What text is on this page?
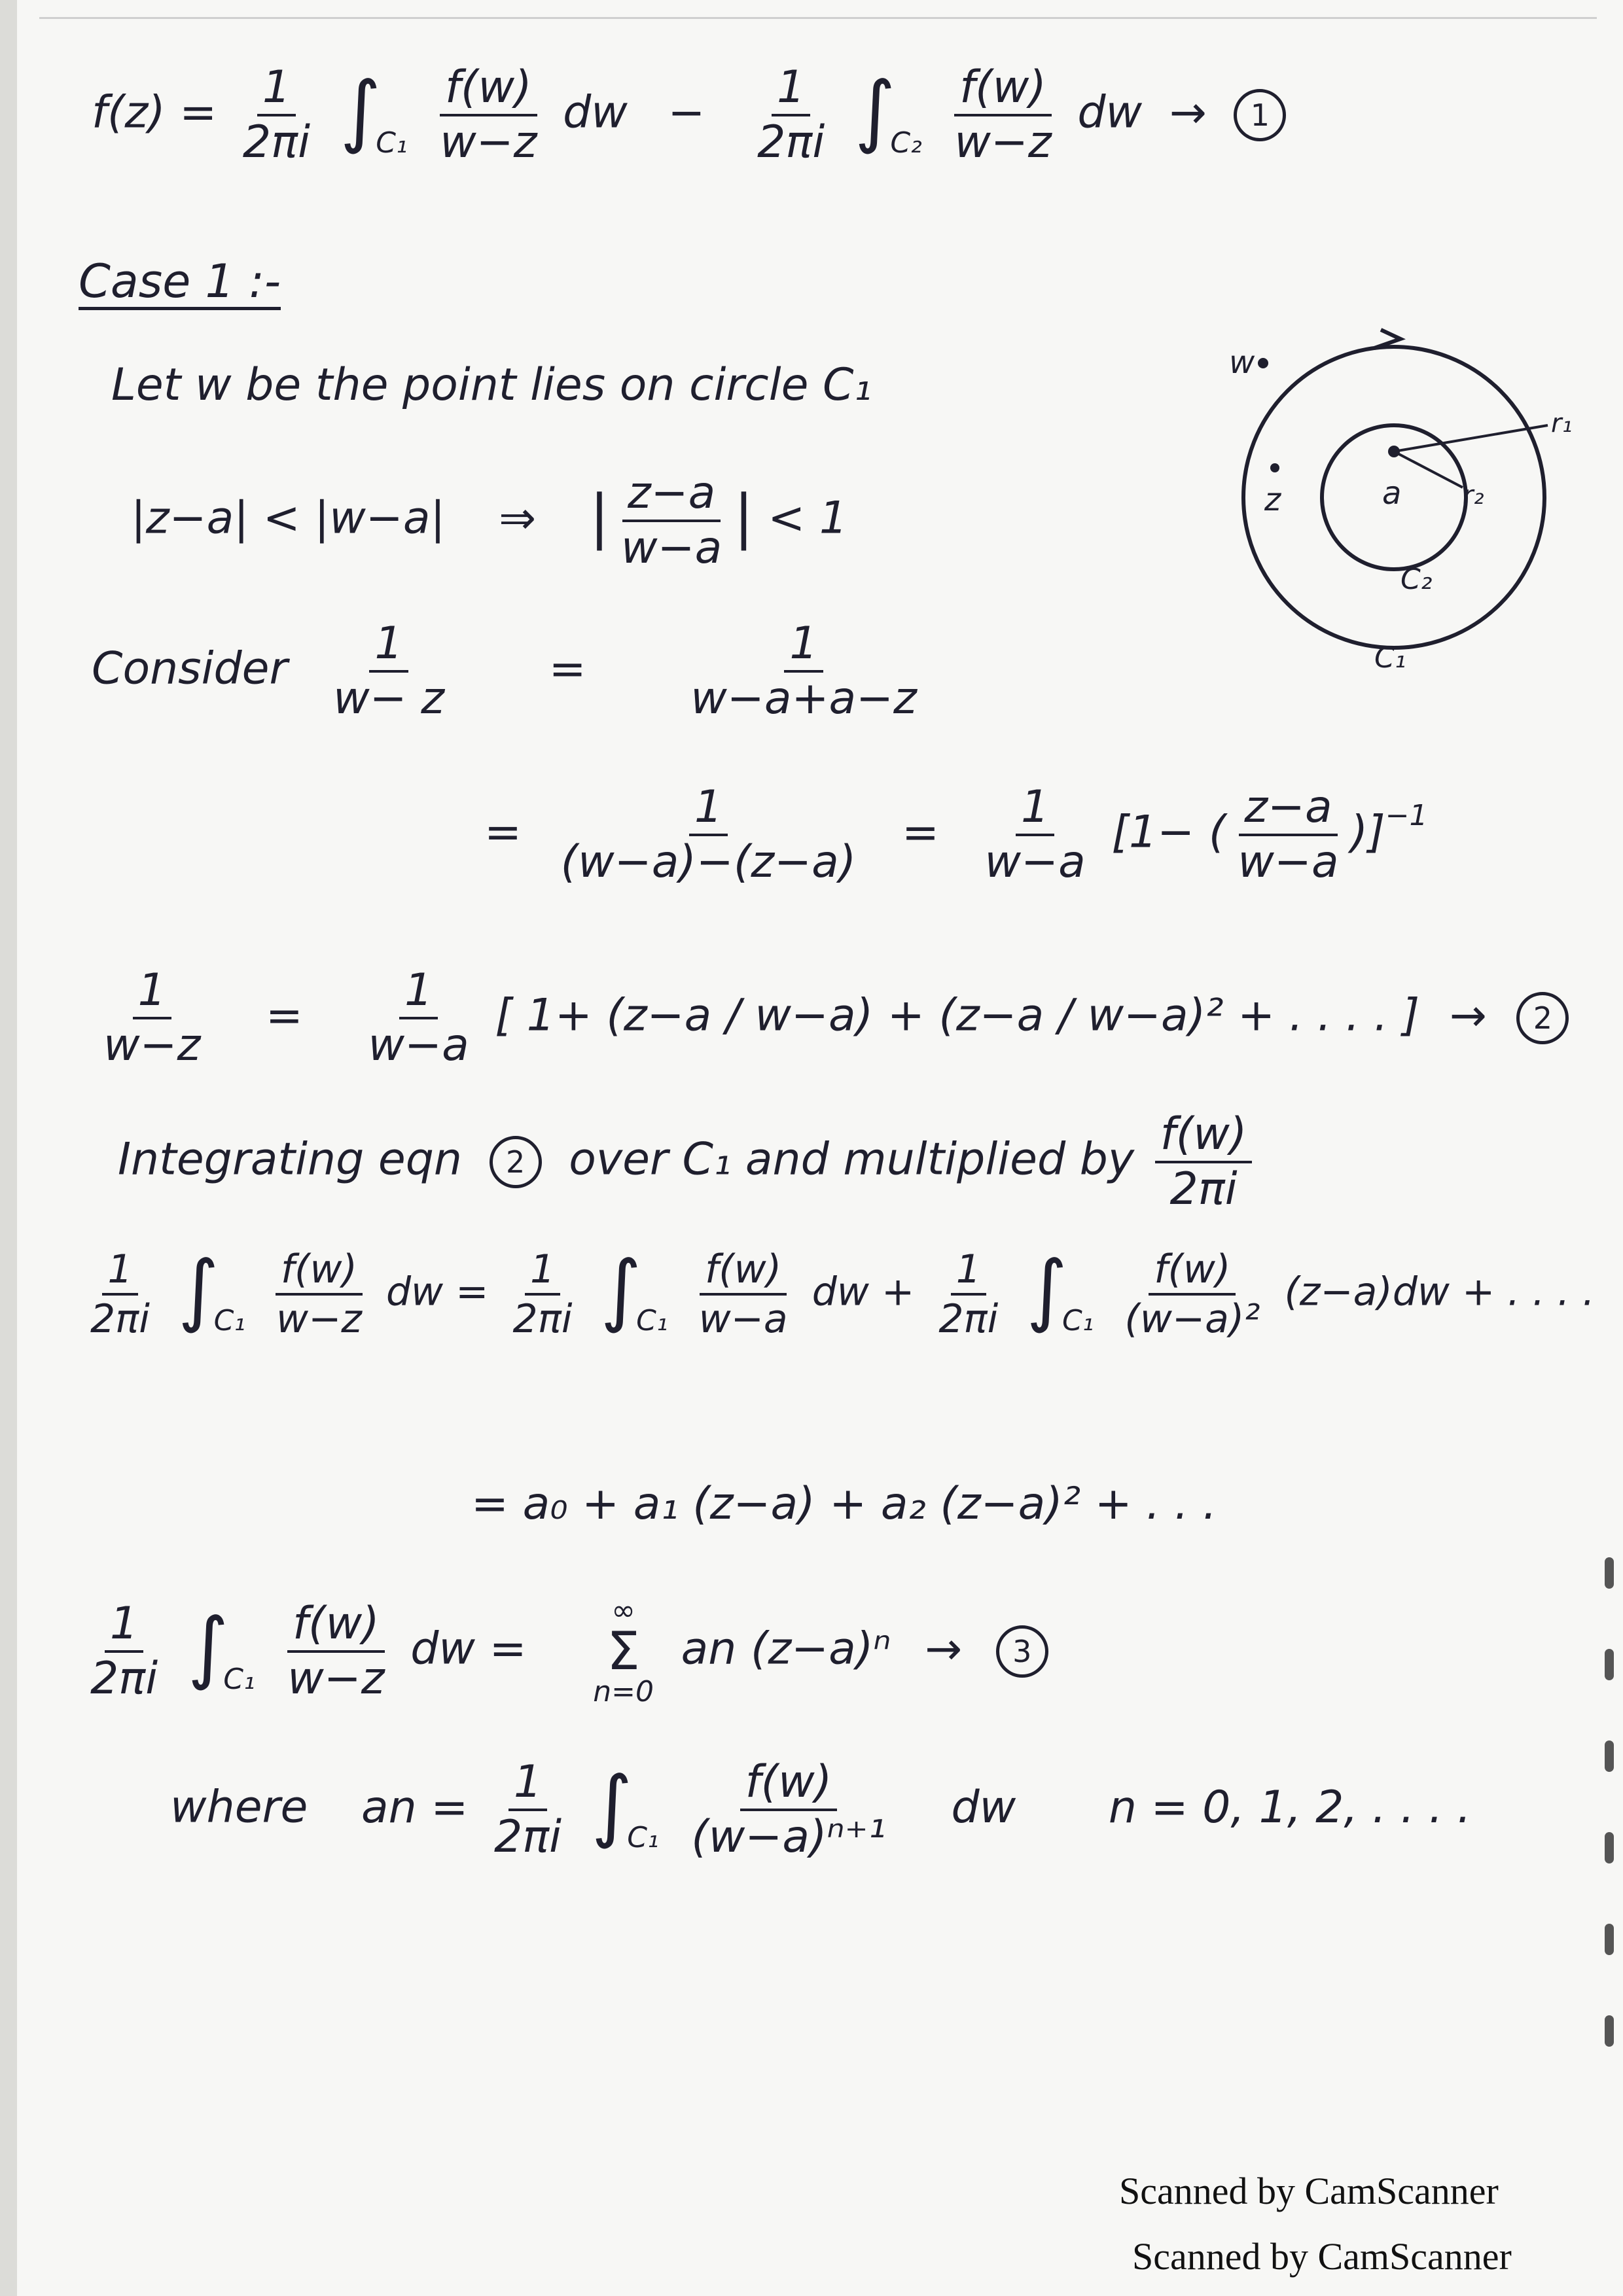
$f(z) = \frac{1}{2\pi i} \int_{C_1} \frac{f(w)}{w-z}$ dw − $\frac{1}{2\pi i} \int_{C_2} \frac{f(w)}{w-z}$ dw → 1
Case 1 :-
Let w be the point lies on circle C₁
|z−a| < |w−a| ⇒ | $\frac{z-a}{w-a}$ | < 1
Consider $\frac{1}{w- z} = \frac{1}{w-a+a-z}$
= $\frac{1}{(w-a)-(z-a)} = \frac{1}{w-a} [1-$ ( $\frac{z-a}{w-a} )]^{-1}$
$\frac{1}{w-z} = \frac{1}{w-a}$ [ 1+ (z−a / w−a) + (z−a / w−a)² + . . . . ] → 2
Integrating eqn 2 over C₁ and multiplied by $\frac{f(w)}{2\pi i}$
$\frac{1}{2\pi i} \int_{C_1} \frac{f(w)}{w-z}$ dw = $\frac{1}{2\pi i} \int_{C_1} \frac{f(w)}{w-a}$ dw + $\frac{1}{2\pi i} \int_{C_1} \frac{f(w)}{\text{(w−a)²}} (z-a)dw$ + . . . .
= a₀ + a₁ (z−a) + a₂ (z−a)² + . . .
$\frac{1}{2\pi i} \int_{C_1} \frac{f(w)}{w-z}$ dw =
∞
Σ
n=0
an (z−a)ⁿ → 3
where an = $\frac{1}{2\pi i} \int_{C_1} \frac{f(w)}{\text{(w−a)ⁿ⁺¹}}$ dw n = 0, 1, 2, . . . .
w
z	a
r₁
r₂
C₂
C₁
Scanned by CamScanner
Scanned by CamScanner
